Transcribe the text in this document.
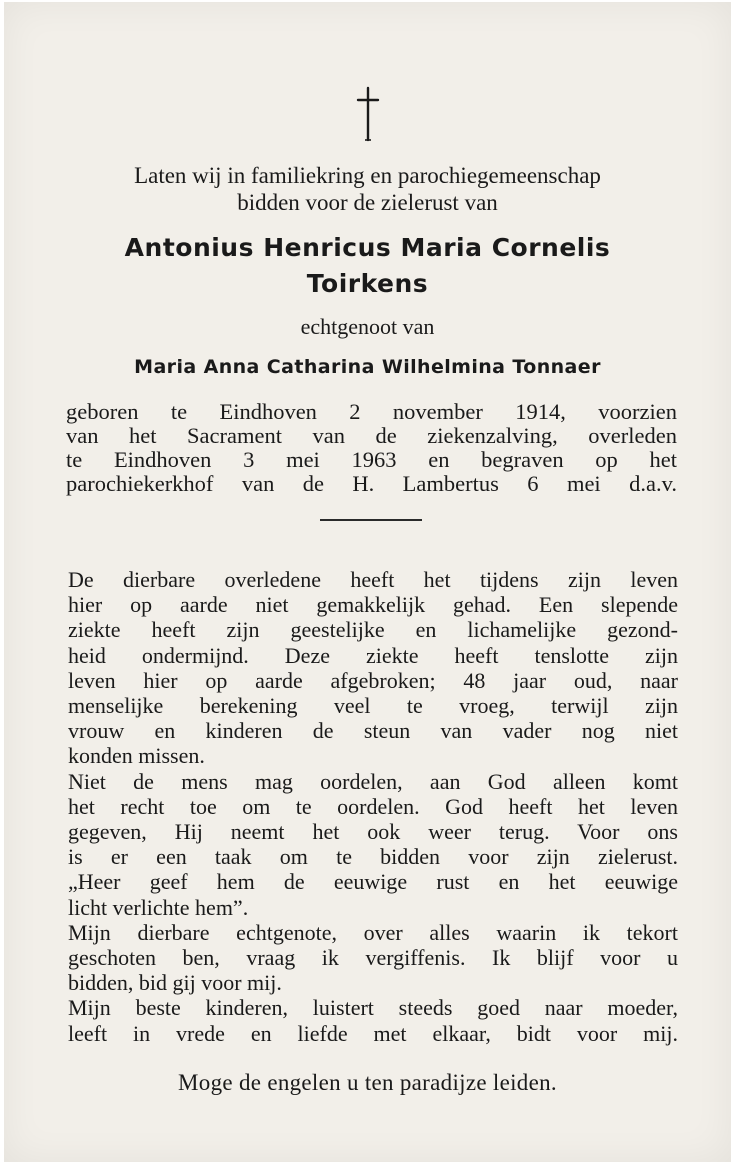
Laten wij in familiekring en parochiegemeenschap
bidden voor de zielerust van
Antonius Henricus Maria Cornelis
Toirkens
echtgenoot van
Maria Anna Catharina Wilhelmina Tonnaer
geboren te Eindhoven 2 november 1914, voorzien
van het Sacrament van de ziekenzalving, overleden
te Eindhoven 3 mei 1963 en begraven op het
parochiekerkhof van de H. Lambertus 6 mei d.a.v.
De dierbare overledene heeft het tijdens zijn leven
hier op aarde niet gemakkelijk gehad. Een slepende
ziekte heeft zijn geestelijke en lichamelijke gezond-
heid ondermijnd. Deze ziekte heeft tenslotte zijn
leven hier op aarde afgebroken; 48 jaar oud, naar
menselijke berekening veel te vroeg, terwijl zijn
vrouw en kinderen de steun van vader nog niet
konden missen.
Niet de mens mag oordelen, aan God alleen komt
het recht toe om te oordelen. God heeft het leven
gegeven, Hij neemt het ook weer terug. Voor ons
is er een taak om te bidden voor zijn zielerust.
„Heer geef hem de eeuwige rust en het eeuwige
licht verlichte hem”.
Mijn dierbare echtgenote, over alles waarin ik tekort
geschoten ben, vraag ik vergiffenis. Ik blijf voor u
bidden, bid gij voor mij.
Mijn beste kinderen, luistert steeds goed naar moeder,
leeft in vrede en liefde met elkaar, bidt voor mij.
Moge de engelen u ten paradijze leiden.
